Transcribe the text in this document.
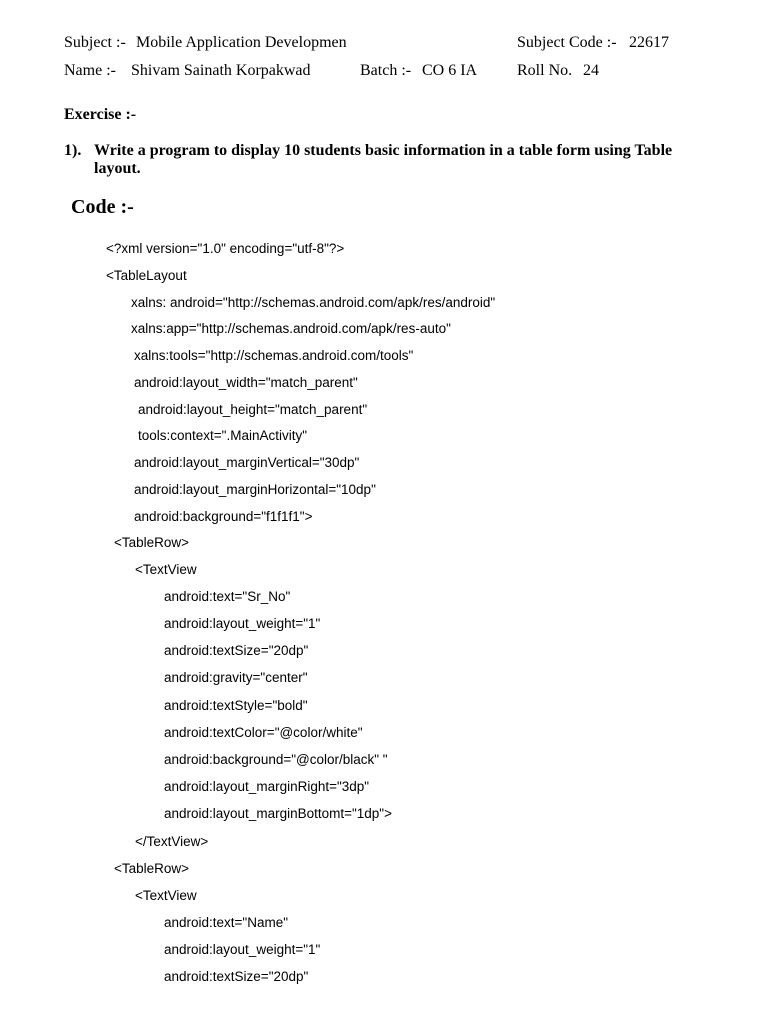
Subject :- Mobile Application Developmen	Subject Code :- 22617
Name :- Shivam Sainath Korpakwad	Batch :- CO 6 IA Roll No. 24
Exercise :-
1). Write a program to display 10 students basic information in a table form using Table layout.
Code :-
<?xml version="1.0" encoding="utf-8"?>
<TableLayout
xalns: android="http://schemas.android.com/apk/res/android"
xalns:app="http://schemas.android.com/apk/res-auto"
xalns:tools="http://schemas.android.com/tools"
android:layout_width="match_parent"
android:layout_height="match_parent"
tools:context=".MainActivity"
android:layout_marginVertical="30dp"
android:layout_marginHorizontal="10dp"
android:background="f1f1f1">
<TableRow>
<TextView
android:text="Sr_No"
android:layout_weight="1"
android:textSize="20dp"
android:gravity="center"
android:textStyle="bold"
android:textColor="@color/white"
android:background="@color/black" "
android:layout_marginRight="3dp"
android:layout_marginBottomt="1dp">
</TextView>
<TableRow>
<TextView
android:text="Name"
android:layout_weight="1"
android:textSize="20dp"
